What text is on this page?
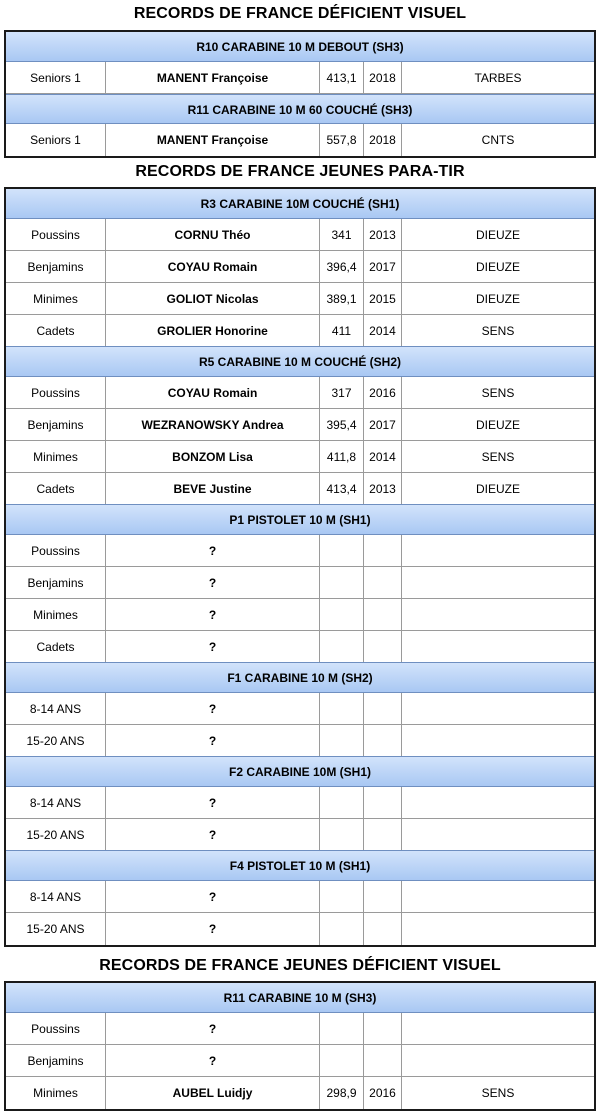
RECORDS DE FRANCE DÉFICIENT VISUEL
R10 CARABINE 10 M DEBOUT (SH3)
Seniors 1	MANENT Françoise	413,1	2018	TARBES
R11 CARABINE 10 M 60 COUCHÉ (SH3)
Seniors 1	MANENT Françoise	557,8	2018	CNTS
RECORDS DE FRANCE JEUNES PARA-TIR
R3 CARABINE 10M COUCHÉ (SH1)
Poussins	CORNU Théo	341	2013	DIEUZE
Benjamins	COYAU Romain	396,4	2017	DIEUZE
Minimes	GOLIOT Nicolas	389,1	2015	DIEUZE
Cadets	GROLIER Honorine	411	2014	SENS
R5 CARABINE 10 M COUCHÉ (SH2)
Poussins	COYAU Romain	317	2016	SENS
Benjamins	WEZRANOWSKY Andrea	395,4	2017	DIEUZE
Minimes	BONZOM Lisa	411,8	2014	SENS
Cadets	BEVE Justine	413,4	2013	DIEUZE
P1 PISTOLET 10 M (SH1)
Poussins	?
Benjamins	?
Minimes	?
Cadets	?
F1 CARABINE 10 M (SH2)
8-14 ANS	?
15-20 ANS	?
F2 CARABINE 10M (SH1)
8-14 ANS	?
15-20 ANS	?
F4 PISTOLET 10 M (SH1)
8-14 ANS	?
15-20 ANS	?
RECORDS DE FRANCE JEUNES DÉFICIENT VISUEL
R11 CARABINE 10 M (SH3)
Poussins	?
Benjamins	?
Minimes	AUBEL Luidjy	298,9	2016	SENS
